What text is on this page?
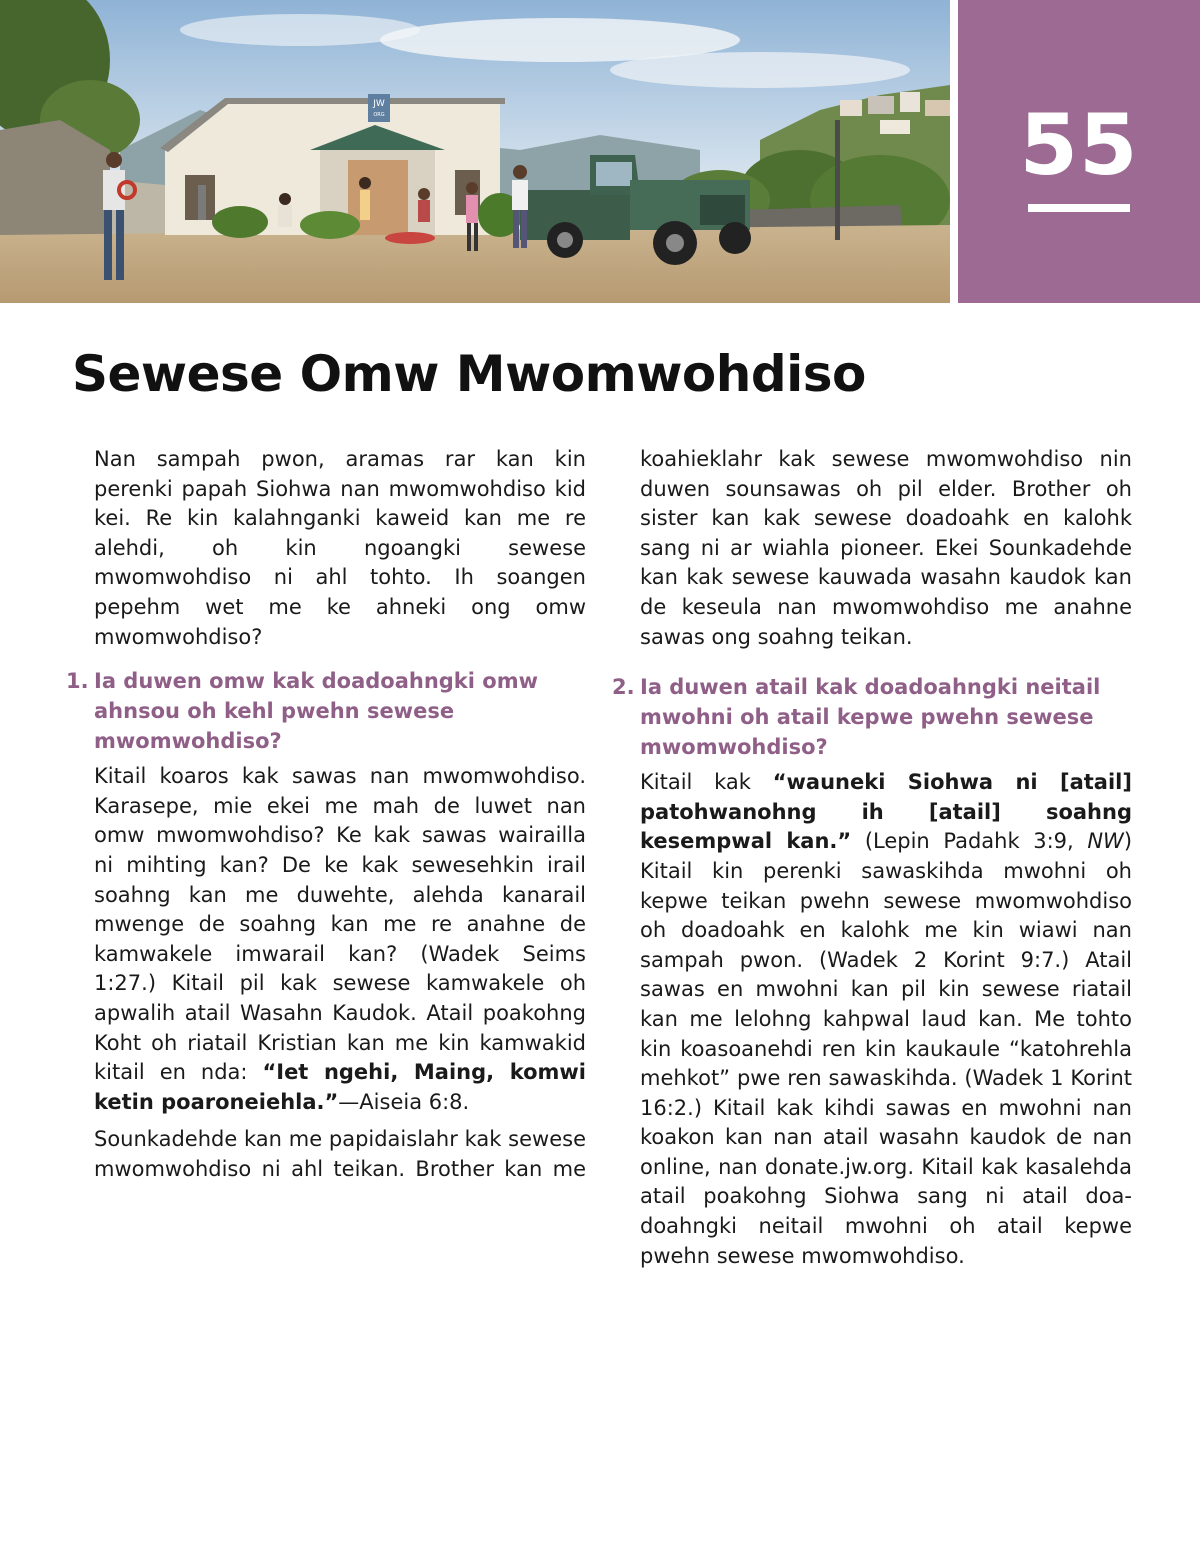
JW
ORG	55
Sewese Omw Mwomwohdiso

Nan sampah pwon, aramas rar kan kin perenki papah Siohwa nan mwomwohdiso kid kei. Re kin kalahnganki kaweid kan me re alehdi, oh kin ngoangki sewese mwomwohdiso ni ahl tohto. Ih soangen pepehm wet me ke ahneki ong omw mwomwohdiso?

1. Ia duwen omw kak doadoahngki omw ahnsou oh kehl pwehn sewese mwomwohdiso?

Kitail koaros kak sawas nan mwomwohdiso. Karasepe, mie ekei me mah de luwet nan omw mwomwohdiso? Ke kak sawas wairailla ni mihting kan? De ke kak sewesehkin irail soahng kan me duwehte, alehda kanarail mwenge de soahng kan me re anahne de kamwakele imwarail kan? (Wadek Seims 1:27.) Kitail pil kak sewese kamwakele oh apwalih atail Wasahn Kaudok. Atail poakohng Koht oh riatail Kristian kan me kin kamwakid kitail en nda: “Iet ngehi, Maing, komwi ketin poaroneiehla.”—Aiseia 6:8.

Sounkadehde kan me papidaislahr kak sewese mwomwohdiso ni ahl teikan. Brother kan me

koahieklahr kak sewese mwomwohdiso nin duwen sounsawas oh pil elder. Brother oh sister kan kak sewese doadoahk en kalohk sang ni ar wiahla pioneer. Ekei Sounkadehde kan kak sewese kauwada wasahn kaudok kan de keseula nan mwomwohdiso me anahne sawas ong soahng teikan.

2. Ia duwen atail kak doadoahngki neitail mwohni oh atail kepwe pwehn sewese mwomwohdiso?

Kitail kak “wauneki Siohwa ni [atail] patohwanohng ih [atail] soahng kesempwal kan.” (Lepin Padahk 3:9, NW) Kitail kin perenki sawaskihda mwohni oh kepwe teikan pwehn sewese mwomwohdiso oh doadoahk en kalohk me kin wiawi nan sampah pwon. (Wadek 2 Korint 9:7.) Atail sawas en mwohni kan pil kin sewese riatail kan me lelohng kahpwal laud kan. Me tohto kin koasoanehdi ren kin kaukaule “katohrehla mehkot” pwe ren sawaskihda. (Wadek 1 Korint 16:2.) Kitail kak kihdi sawas en mwohni nan koakon kan nan atail wasahn kaudok de nan online, nan donate.jw.org. Kitail kak kasalehda atail poakohng Siohwa sang ni atail doadoahngki neitail mwohni oh atail kepwe pwehn sewese mwomwohdiso.
